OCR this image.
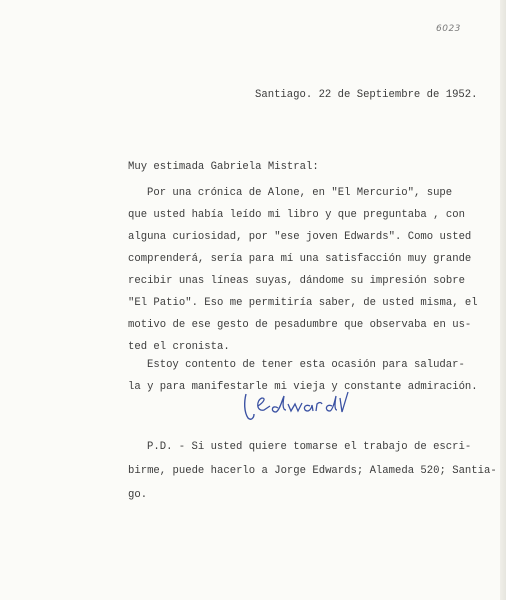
6023
Santiago. 22 de Septiembre de 1952.
Muy estimada Gabriela Mistral:
Por una crónica de Alone, en "El Mercurio", supe
que usted había leído mi libro y que preguntaba , con
alguna curiosidad, por "ese joven Edwards". Como usted
comprenderá, sería para mí una satisfacción muy grande
recibir unas líneas suyas, dándome su impresión sobre
"El Patio". Eso me permitiría saber, de usted misma, el
motivo de ese gesto de pesadumbre que observaba en us-
ted el cronista.
Estoy contento de tener esta ocasión para saludar-
la y para manifestarle mi vieja y constante admiración.
P.D. - Si usted quiere tomarse el trabajo de escri-
birme, puede hacerlo a Jorge Edwards; Alameda 520; Santia-
go.
